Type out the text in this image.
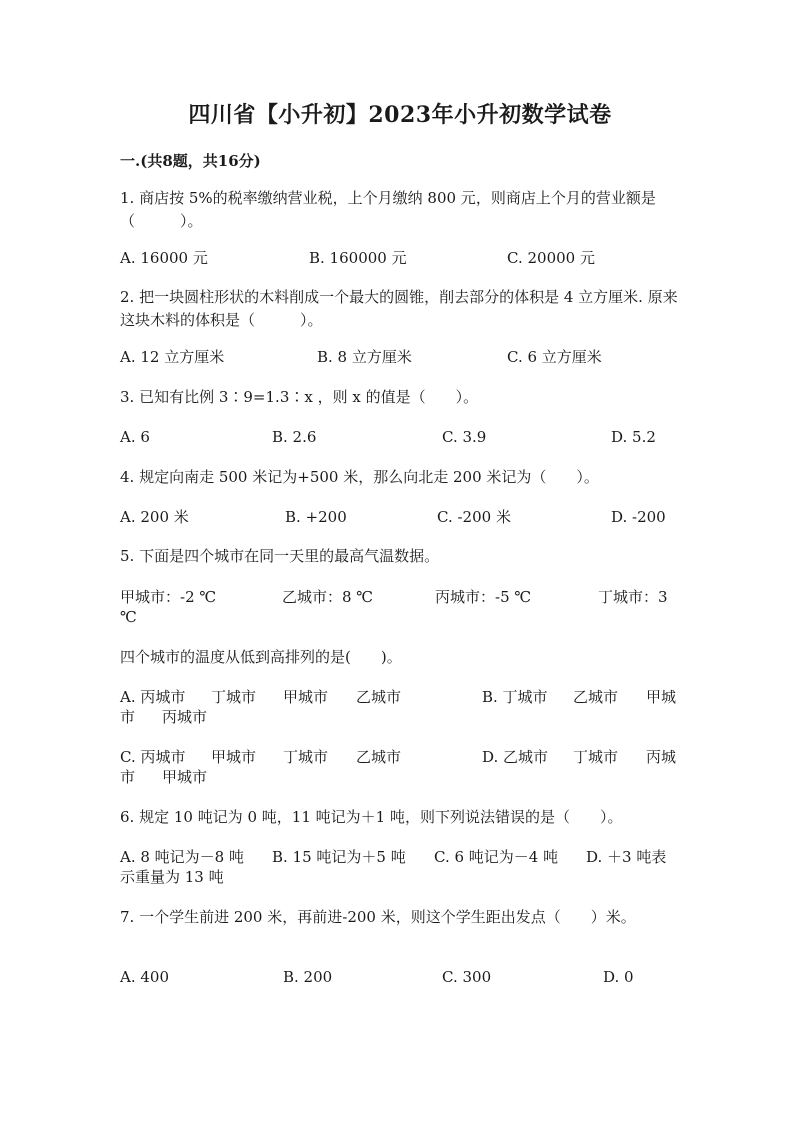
四川省【小升初】2023年小升初数学试卷
一.(共8题，共16分)
1. 商店按 5%的税率缴纳营业税，上个月缴纳 800 元，则商店上个月的营业额是（　　　）。
A. 16000 元	B. 160000 元	C. 20000 元
2. 把一块圆柱形状的木料削成一个最大的圆锥，削去部分的体积是 4 立方厘米. 原来这块木料的体积是（　　　）。
A. 12 立方厘米	B. 8 立方厘米	C. 6 立方厘米
3. 已知有比例 3∶9=1.3∶x ，则 x 的值是（　　）。
A. 6	B. 2.6	C. 3.9	D. 5.2
4. 规定向南走 500 米记为+500 米，那么向北走 200 米记为（　　）。
A. 200 米	B. +200	C. -200 米	D. -200
5. 下面是四个城市在同一天里的最高气温数据。
甲城市：-2 ℃	乙城市：8 ℃	丙城市：-5 ℃	丁城市：3
℃
四个城市的温度从低到高排列的是(　　)。
A. 丙城市 丁城市 甲城市 乙城市	B. 丁城市 乙城市 甲城
市 丙城市
C. 丙城市 甲城市 丁城市 乙城市	D. 乙城市 丁城市 丙城
市 甲城市
6. 规定 10 吨记为 0 吨，11 吨记为＋1 吨，则下列说法错误的是（　　）。
A. 8 吨记为－8 吨 B. 15 吨记为＋5 吨 C. 6 吨记为－4 吨 D. ＋3 吨表
示重量为 13 吨
7. 一个学生前进 200 米，再前进-200 米，则这个学生距出发点（　　）米。
A. 400	B. 200	C. 300	D. 0
